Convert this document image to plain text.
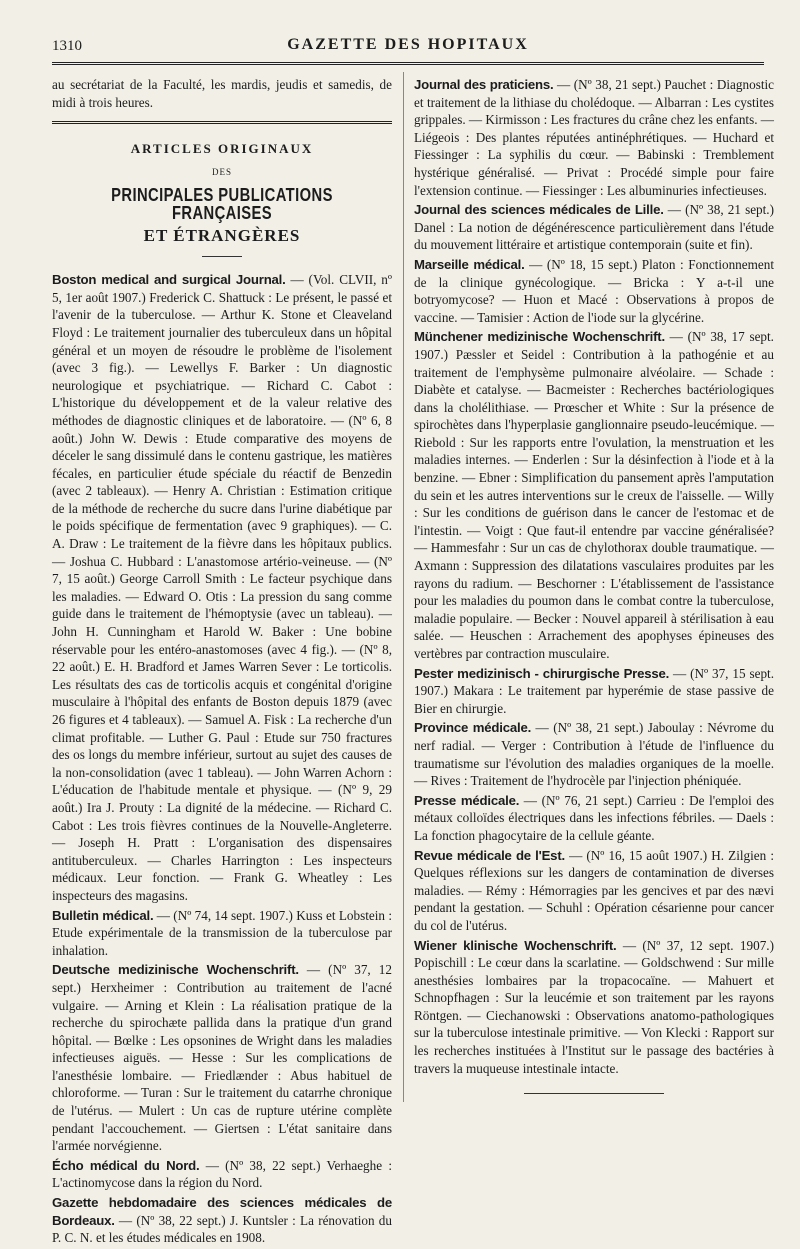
1310	GAZETTE DES HOPITAUX

au secrétariat de la Faculté, les mardis, jeudis et samedis, de midi à trois heures.

ARTICLES ORIGINAUX
DES
PRINCIPALES PUBLICATIONS FRANÇAISES
ET ÉTRANGÈRES

Boston medical and surgical Journal. — (Vol. CLVII, nº 5, 1er août 1907.) Frederick C. Shattuck : Le présent, le passé et l'avenir de la tuberculose. — Arthur K. Stone et Cleaveland Floyd : Le traitement journalier des tuberculeux dans un hôpital général et un moyen de résoudre le problème de l'isolement (avec 3 fig.). — Lewellys F. Barker : Un diagnostic neurologique et psychiatrique. — Richard C. Cabot : L'historique du développement et de la valeur relative des méthodes de diagnostic cliniques et de laboratoire. — (Nº 6, 8 août.) John W. Dewis : Etude comparative des moyens de déceler le sang dissimulé dans le contenu gastrique, les matières fécales, en particulier étude spéciale du réactif de Benzedin (avec 2 tableaux). — Henry A. Christian : Estimation critique de la méthode de recherche du sucre dans l'urine diabétique par le poids spécifique de fermentation (avec 9 graphiques). — C. A. Draw : Le traitement de la fièvre dans les hôpitaux publics. — Joshua C. Hubbard : L'anastomose artério-veineuse. — (Nº 7, 15 août.) George Carroll Smith : Le facteur psychique dans les maladies. — Edward O. Otis : La pression du sang comme guide dans le traitement de l'hémoptysie (avec un tableau). — John H. Cunningham et Harold W. Baker : Une bobine réservable pour les entéro-anastomoses (avec 4 fig.). — (Nº 8, 22 août.) E. H. Bradford et James Warren Sever : Le torticolis. Les résultats des cas de torticolis acquis et congénital d'origine musculaire à l'hôpital des enfants de Boston depuis 1879 (avec 26 figures et 4 tableaux). — Samuel A. Fisk : La recherche d'un climat profitable. — Luther G. Paul : Etude sur 750 fractures des os longs du membre inférieur, surtout au sujet des causes de la non-consolidation (avec 1 tableau). — John Warren Achorn : L'éducation de l'habitude mentale et physique. — (Nº 9, 29 août.) Ira J. Prouty : La dignité de la médecine. — Richard C. Cabot : Les trois fièvres continues de la Nouvelle-Angleterre. — Joseph H. Pratt : L'organisation des dispensaires antituberculeux. — Charles Harrington : Les inspecteurs médicaux. Leur fonction. — Frank G. Wheatley : Les inspecteurs des magasins.

Bulletin médical. — (Nº 74, 14 sept. 1907.) Kuss et Lobstein : Etude expérimentale de la transmission de la tuberculose par inhalation.

Deutsche medizinische Wochenschrift. — (Nº 37, 12 sept.) Herxheimer : Contribution au traitement de l'acné vulgaire. — Arning et Klein : La réalisation pratique de la recherche du spirochæte pallida dans la pratique d'un grand hôpital. — Bœlke : Les opsonines de Wright dans les maladies infectieuses aiguës. — Hesse : Sur les complications de l'anesthésie lombaire. — Friedlænder : Abus habituel de chloroforme. — Turan : Sur le traitement du catarrhe chronique de l'utérus. — Mulert : Un cas de rupture utérine complète pendant l'accouchement. — Giertsen : L'état sanitaire dans l'armée norvégienne.

Écho médical du Nord. — (Nº 38, 22 sept.) Verhaeghe : L'actinomycose dans la région du Nord.

Gazette hebdomadaire des sciences médicales de Bordeaux. — (Nº 38, 22 sept.) J. Kuntsler : La rénovation du P. C. N. et les études médicales en 1908.

Journal des praticiens. — (Nº 38, 21 sept.) Pauchet : Diagnostic et traitement de la lithiase du cholédoque. — Albarran : Les cystites grippales. — Kirmisson : Les fractures du crâne chez les enfants. — Liégeois : Des plantes réputées antinéphrétiques. — Huchard et Fiessinger : La syphilis du cœur. — Babinski : Tremblement hystérique généralisé. — Privat : Procédé simple pour faire l'extension continue. — Fiessinger : Les albuminuries infectieuses.

Journal des sciences médicales de Lille. — (Nº 38, 21 sept.) Danel : La notion de dégénérescence particulièrement dans l'étude du mouvement littéraire et artistique contemporain (suite et fin).

Marseille médical. — (Nº 18, 15 sept.) Platon : Fonctionnement de la clinique gynécologique. — Bricka : Y a-t-il une botryomycose? — Huon et Macé : Observations à propos de vaccine. — Tamisier : Action de l'iode sur la glycérine.

Münchener medizinische Wochenschrift. — (Nº 38, 17 sept. 1907.) Pæssler et Seidel : Contribution à la pathogénie et au traitement de l'emphysème pulmonaire alvéolaire. — Schade : Diabète et catalyse. — Bacmeister : Recherches bactériologiques dans la cholélithiase. — Prœscher et White : Sur la présence de spirochètes dans l'hyperplasie ganglionnaire pseudo-leucémique. — Riebold : Sur les rapports entre l'ovulation, la menstruation et les maladies internes. — Enderlen : Sur la désinfection à l'iode et à la benzine. — Ebner : Simplification du pansement après l'amputation du sein et les autres interventions sur le creux de l'aisselle. — Willy : Sur les conditions de guérison dans le cancer de l'estomac et de l'intestin. — Voigt : Que faut-il entendre par vaccine généralisée? — Hammesfahr : Sur un cas de chylothorax double traumatique. — Axmann : Suppression des dilatations vasculaires produites par les rayons du radium. — Beschorner : L'établissement de l'assistance pour les maladies du poumon dans le combat contre la tuberculose, maladie populaire. — Becker : Nouvel appareil à stérilisation à eau salée. — Heuschen : Arrachement des apophyses épineuses des vertèbres par contraction musculaire.

Pester medizinisch - chirurgische Presse. — (Nº 37, 15 sept. 1907.) Makara : Le traitement par hyperémie de stase passive de Bier en chirurgie.

Province médicale. — (Nº 38, 21 sept.) Jaboulay : Névrome du nerf radial. — Verger : Contribution à l'étude de l'influence du traumatisme sur l'évolution des maladies organiques de la moelle. — Rives : Traitement de l'hydrocèle par l'injection phéniquée.

Presse médicale. — (Nº 76, 21 sept.) Carrieu : De l'emploi des métaux colloïdes électriques dans les infections fébriles. — Daels : La fonction phagocytaire de la cellule géante.

Revue médicale de l'Est. — (Nº 16, 15 août 1907.) H. Zilgien : Quelques réflexions sur les dangers de contamination de diverses maladies. — Rémy : Hémorragies par les gencives et par des nævi pendant la gestation. — Schuhl : Opération césarienne pour cancer du col de l'utérus.

Wiener klinische Wochenschrift. — (Nº 37, 12 sept. 1907.) Popischill : Le cœur dans la scarlatine. — Goldschwend : Sur mille anesthésies lombaires par la tropacocaïne. — Mahuert et Schnopfhagen : Sur la leucémie et son traitement par les rayons Röntgen. — Ciechanowski : Observations anatomo-pathologiques sur la tuberculose intestinale primitive. — Von Klecki : Rapport sur les recherches instituées à l'Institut sur le passage des bactéries à travers la muqueuse intestinale intacte.
